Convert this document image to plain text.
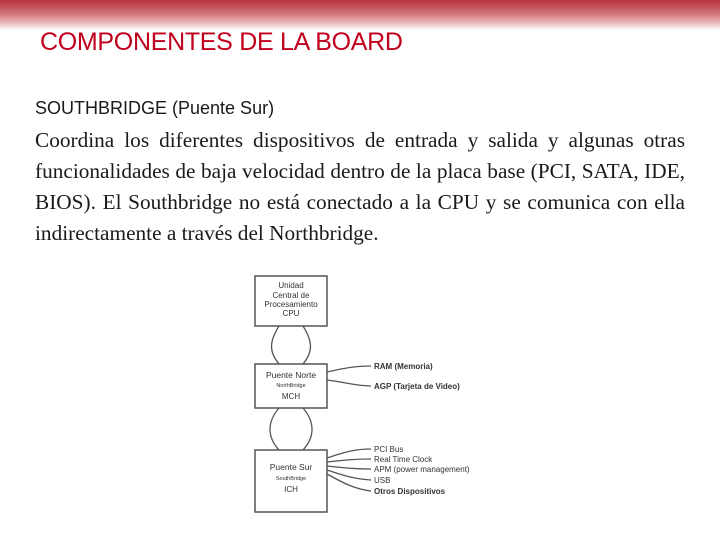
COMPONENTES DE LA BOARD
SOUTHBRIDGE (Puente Sur)
Coordina los diferentes dispositivos de entrada y salida y algunas otras funcionalidades de baja velocidad dentro de la placa base (PCI, SATA, IDE, BIOS). El Southbridge no está conectado a la CPU y se comunica con ella indirectamente a través del Northbridge.
Unidad
Central de
Procesamiento
CPU
Puente Norte
NorthBridge
MCH
RAM (Memoria)
AGP (Tarjeta de Video)
Puente Sur
SouthBridge
ICH
PCI Bus
Real Time Clock
APM (power management)
USB
Otros Dispositivos
